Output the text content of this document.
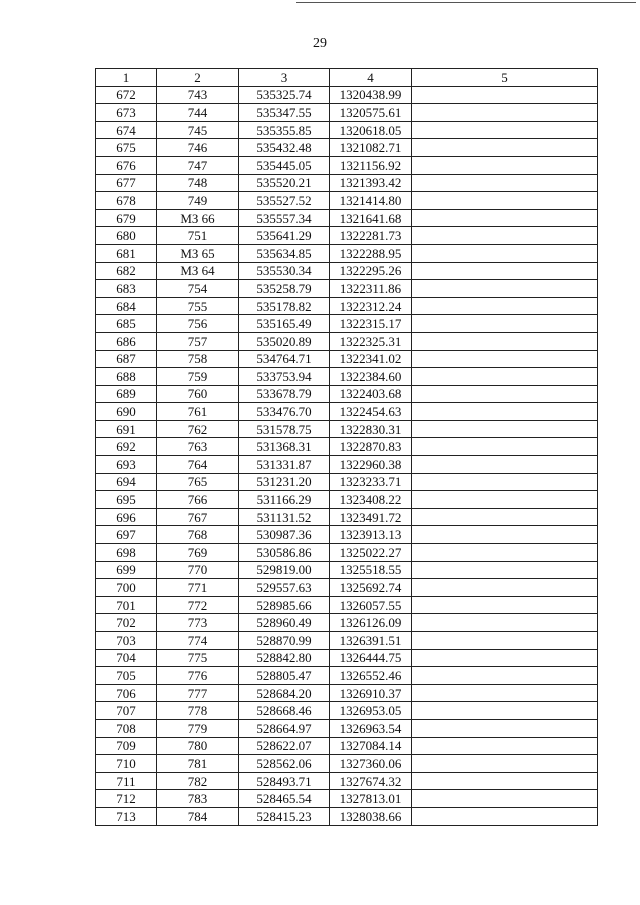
29
1	2	3	4	5
672	743	535325.74	1320438.99	
673	744	535347.55	1320575.61	
674	745	535355.85	1320618.05	
675	746	535432.48	1321082.71	
676	747	535445.05	1321156.92	
677	748	535520.21	1321393.42	
678	749	535527.52	1321414.80	
679	МЗ 66	535557.34	1321641.68	
680	751	535641.29	1322281.73	
681	МЗ 65	535634.85	1322288.95	
682	МЗ 64	535530.34	1322295.26	
683	754	535258.79	1322311.86	
684	755	535178.82	1322312.24	
685	756	535165.49	1322315.17	
686	757	535020.89	1322325.31	
687	758	534764.71	1322341.02	
688	759	533753.94	1322384.60	
689	760	533678.79	1322403.68	
690	761	533476.70	1322454.63	
691	762	531578.75	1322830.31	
692	763	531368.31	1322870.83	
693	764	531331.87	1322960.38	
694	765	531231.20	1323233.71	
695	766	531166.29	1323408.22	
696	767	531131.52	1323491.72	
697	768	530987.36	1323913.13	
698	769	530586.86	1325022.27	
699	770	529819.00	1325518.55	
700	771	529557.63	1325692.74	
701	772	528985.66	1326057.55	
702	773	528960.49	1326126.09	
703	774	528870.99	1326391.51	
704	775	528842.80	1326444.75	
705	776	528805.47	1326552.46	
706	777	528684.20	1326910.37	
707	778	528668.46	1326953.05	
708	779	528664.97	1326963.54	
709	780	528622.07	1327084.14	
710	781	528562.06	1327360.06	
711	782	528493.71	1327674.32	
712	783	528465.54	1327813.01	
713	784	528415.23	1328038.66	
